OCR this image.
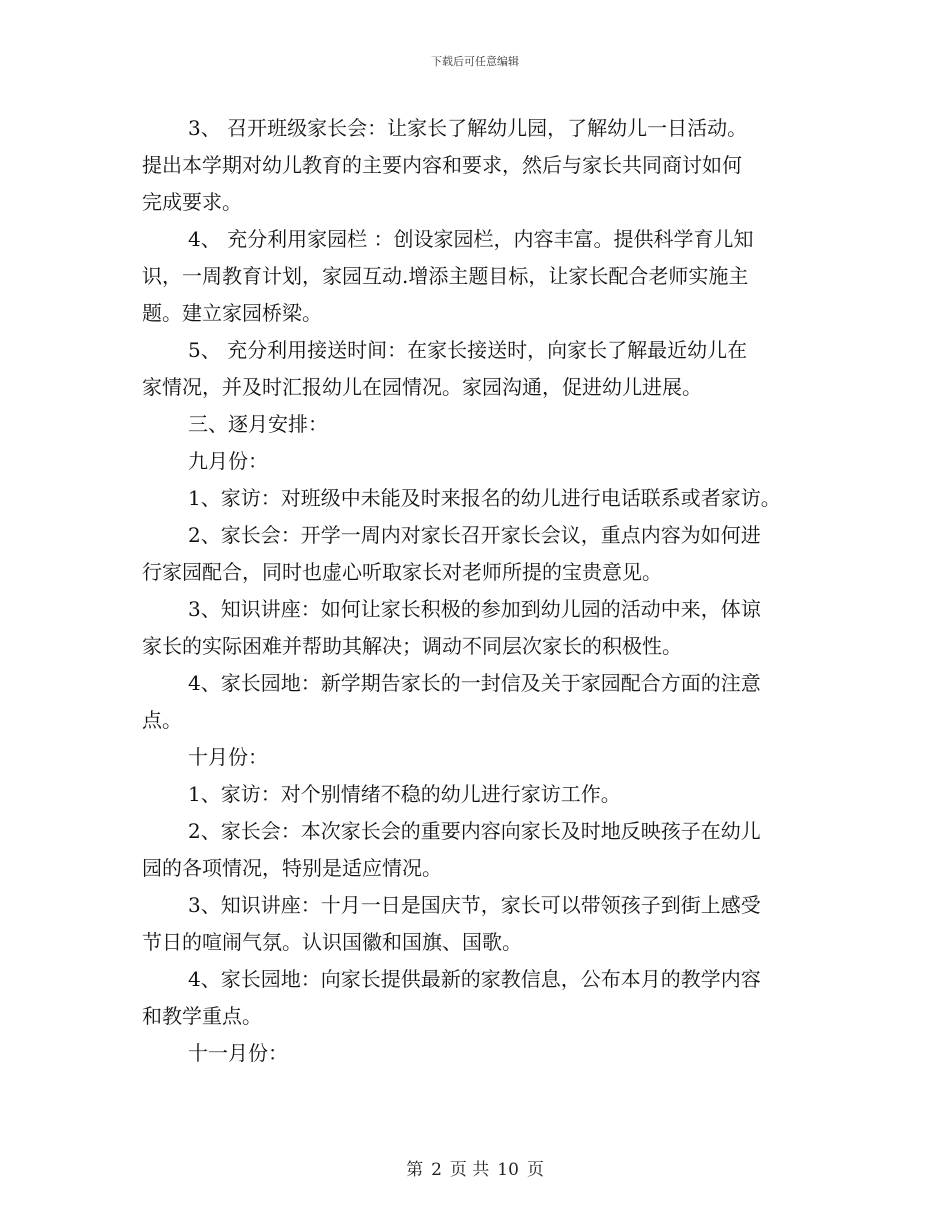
下载后可任意编辑

3、 召开班级家长会：让家长了解幼儿园，了解幼儿一日活动。
提出本学期对幼儿教育的主要内容和要求，然后与家长共同商讨如何
完成要求。
4、 充分利用家园栏 ：创设家园栏，内容丰富。提供科学育儿知
识，一周教育计划，家园互动.增添主题目标，让家长配合老师实施主
题。建立家园桥梁。
5、 充分利用接送时间：在家长接送时，向家长了解最近幼儿在
家情况，并及时汇报幼儿在园情况。家园沟通，促进幼儿进展。
三、逐月安排：
九月份：
1、家访：对班级中未能及时来报名的幼儿进行电话联系或者家访。
2、家长会：开学一周内对家长召开家长会议，重点内容为如何进
行家园配合，同时也虚心听取家长对老师所提的宝贵意见。
3、知识讲座：如何让家长积极的参加到幼儿园的活动中来，体谅
家长的实际困难并帮助其解决；调动不同层次家长的积极性。
4、家长园地：新学期告家长的一封信及关于家园配合方面的注意
点。
十月份：
1、家访：对个别情绪不稳的幼儿进行家访工作。
2、家长会：本次家长会的重要内容向家长及时地反映孩子在幼儿
园的各项情况，特别是适应情况。
3、知识讲座：十月一日是国庆节，家长可以带领孩子到街上感受
节日的喧闹气氛。认识国徽和国旗、国歌。
4、家长园地：向家长提供最新的家教信息，公布本月的教学内容
和教学重点。
十一月份：

第 2 页 共 10 页
